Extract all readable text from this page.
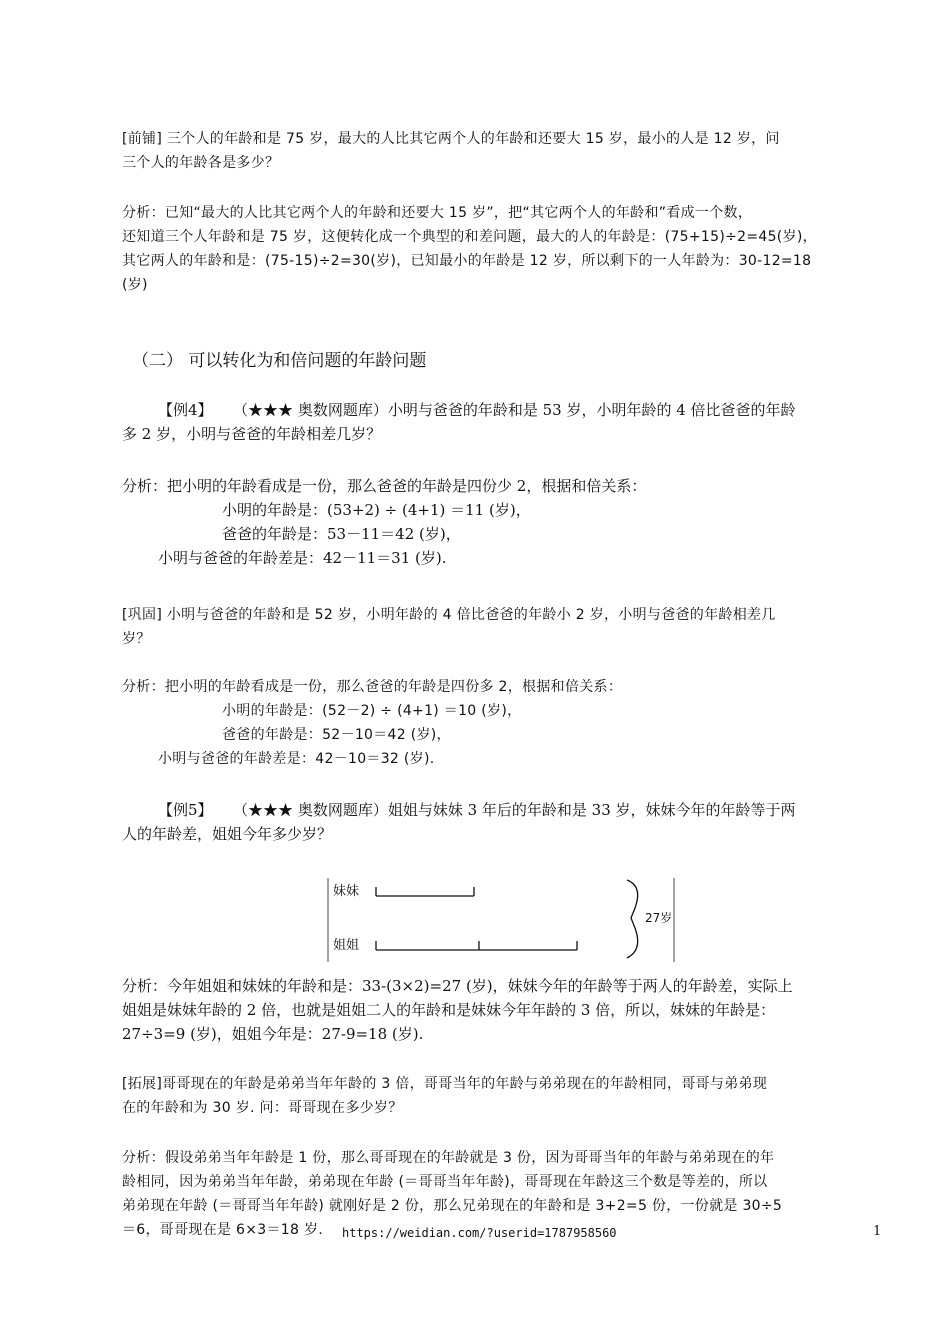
[前铺] 三个人的年龄和是 75 岁，最大的人比其它两个人的年龄和还要大 15 岁，最小的人是 12 岁，问

三个人的年龄各是多少？

分析：已知“最大的人比其它两个人的年龄和还要大 15 岁”，把“其它两个人的年龄和”看成一个数，

还知道三个人年龄和是 75 岁，这便转化成一个典型的和差问题，最大的人的年龄是：(75+15)÷2=45(岁)，

其它两人的年龄和是：(75-15)÷2=30(岁)，已知最小的年龄是 12 岁，所以剩下的一人年龄为：30-12=18

(岁)

（二） 可以转化为和倍问题的年龄问题

【例4】 （★★★ 奥数网题库）小明与爸爸的年龄和是 53 岁，小明年龄的 4 倍比爸爸的年龄

多 2 岁，小明与爸爸的年龄相差几岁？

分析：把小明的年龄看成是一份，那么爸爸的年龄是四份少 2，根据和倍关系：

小明的年龄是：(53+2) ÷ (4+1) ＝11 (岁)，

爸爸的年龄是：53－11＝42 (岁)，

小明与爸爸的年龄差是：42－11＝31 (岁).

[巩固] 小明与爸爸的年龄和是 52 岁，小明年龄的 4 倍比爸爸的年龄小 2 岁，小明与爸爸的年龄相差几

岁？

分析：把小明的年龄看成是一份，那么爸爸的年龄是四份多 2，根据和倍关系：

小明的年龄是：(52－2) ÷ (4+1) ＝10 (岁)，

爸爸的年龄是：52－10＝42 (岁)，

小明与爸爸的年龄差是：42－10＝32 (岁).

【例5】 （★★★ 奥数网题库）姐姐与妹妹 3 年后的年龄和是 33 岁，妹妹今年的年龄等于两

人的年龄差，姐姐今年多少岁？

妹妹
姐姐
27岁

分析：今年姐姐和妹妹的年龄和是：33-(3×2)=27 (岁)，妹妹今年的年龄等于两人的年龄差，实际上

姐姐是妹妹年龄的 2 倍，也就是姐姐二人的年龄和是妹妹今年年龄的 3 倍，所以，妹妹的年龄是：

27÷3=9 (岁)，姐姐今年是：27-9=18 (岁).

[拓展]哥哥现在的年龄是弟弟当年年龄的 3 倍，哥哥当年的年龄与弟弟现在的年龄相同，哥哥与弟弟现

在的年龄和为 30 岁. 问：哥哥现在多少岁？

分析：假设弟弟当年年龄是 1 份，那么哥哥现在的年龄就是 3 份，因为哥哥当年的年龄与弟弟现在的年

龄相同，因为弟弟当年年龄，弟弟现在年龄 (＝哥哥当年年龄)，哥哥现在年龄这三个数是等差的，所以

弟弟现在年龄 (＝哥哥当年年龄) 就刚好是 2 份，那么兄弟现在的年龄和是 3+2=5 份，一份就是 30÷5

＝6，哥哥现在是 6×3＝18 岁.	https://weidian.com/?userid=1787958560	1
